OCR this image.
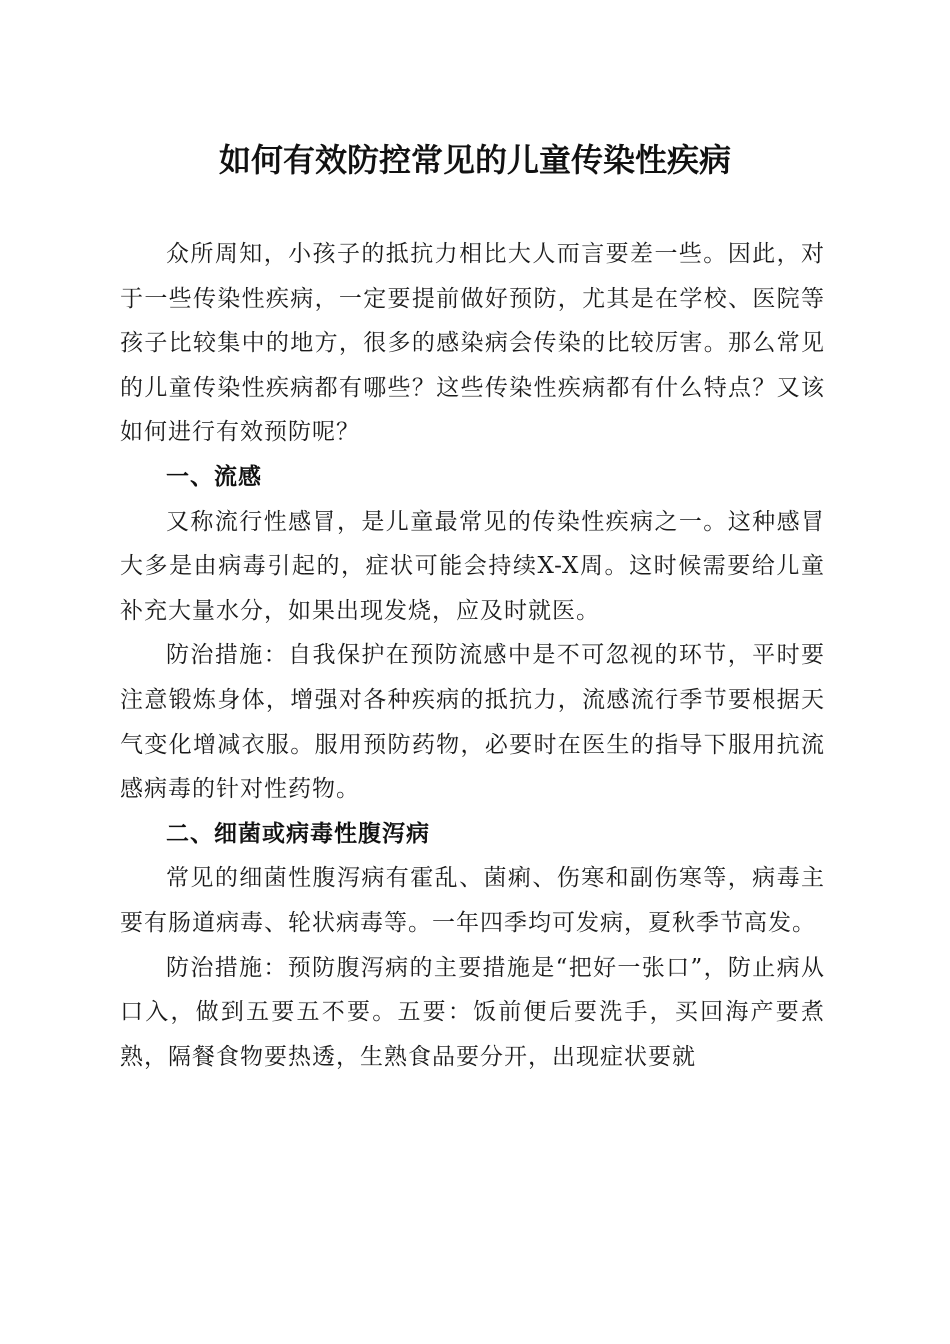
如何有效防控常见的儿童传染性疾病

众所周知，小孩子的抵抗力相比大人而言要差一些。因此，对于一些传染性疾病，一定要提前做好预防，尤其是在学校、医院等孩子比较集中的地方，很多的感染病会传染的比较厉害。那么常见的儿童传染性疾病都有哪些？这些传染性疾病都有什么特点？又该如何进行有效预防呢？

一、流感

又称流行性感冒，是儿童最常见的传染性疾病之一。这种感冒大多是由病毒引起的，症状可能会持续X-X周。这时候需要给儿童补充大量水分，如果出现发烧，应及时就医。

防治措施：自我保护在预防流感中是不可忽视的环节，平时要注意锻炼身体，增强对各种疾病的抵抗力，流感流行季节要根据天气变化增减衣服。服用预防药物，必要时在医生的指导下服用抗流感病毒的针对性药物。

二、细菌或病毒性腹泻病

常见的细菌性腹泻病有霍乱、菌痢、伤寒和副伤寒等，病毒主要有肠道病毒、轮状病毒等。一年四季均可发病，夏秋季节高发。

防治措施：预防腹泻病的主要措施是“把好一张口”，防止病从口入，做到五要五不要。五要：饭前便后要洗手，买回海产要煮熟，隔餐食物要热透，生熟食品要分开，出现症状要就
